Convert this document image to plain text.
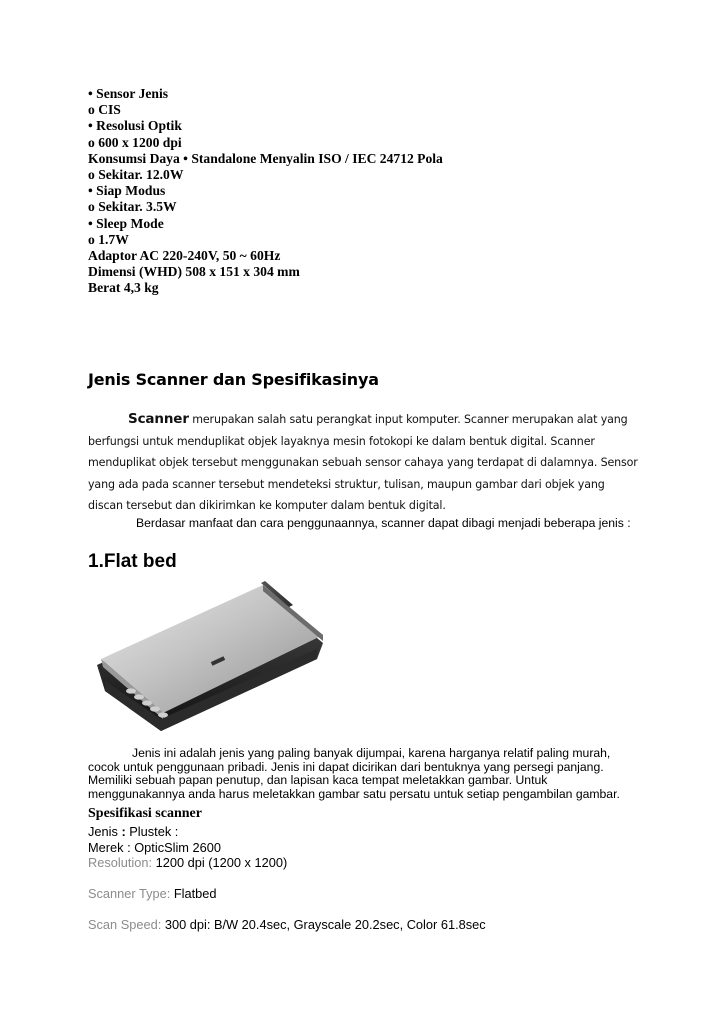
• Sensor Jenis
o CIS
• Resolusi Optik
o 600 x 1200 dpi
Konsumsi Daya • Standalone Menyalin ISO / IEC 24712 Pola
o Sekitar. 12.0W
• Siap Modus
o Sekitar. 3.5W
• Sleep Mode
o 1.7W
Adaptor AC 220-240V, 50 ~ 60Hz
Dimensi (WHD) 508 x 151 x 304 mm
Berat 4,3 kg
Jenis Scanner dan Spesifikasinya
Scanner merupakan salah satu perangkat input komputer. Scanner merupakan alat yang
berfungsi untuk menduplikat objek layaknya mesin fotokopi ke dalam bentuk digital. Scanner
menduplikat objek tersebut menggunakan sebuah sensor cahaya yang terdapat di dalamnya. Sensor
yang ada pada scanner tersebut mendeteksi struktur, tulisan, maupun gambar dari objek yang
discan tersebut dan dikirimkan ke komputer dalam bentuk digital.
Berdasar manfaat dan cara penggunaannya, scanner dapat dibagi menjadi beberapa jenis :
1.Flat bed
Jenis ini adalah jenis yang paling banyak dijumpai, karena harganya relatif paling murah,
cocok untuk penggunaan pribadi. Jenis ini dapat dicirikan dari bentuknya yang persegi panjang.
Memiliki sebuah papan penutup, dan lapisan kaca tempat meletakkan gambar. Untuk
menggunakannya anda harus meletakkan gambar satu persatu untuk setiap pengambilan gambar.
Spesifikasi scanner
Jenis : Plustek :
Merek : OpticSlim 2600
Resolution: 1200 dpi (1200 x 1200)
Scanner Type: Flatbed
Scan Speed: 300 dpi: B/W 20.4sec, Grayscale 20.2sec, Color 61.8sec
